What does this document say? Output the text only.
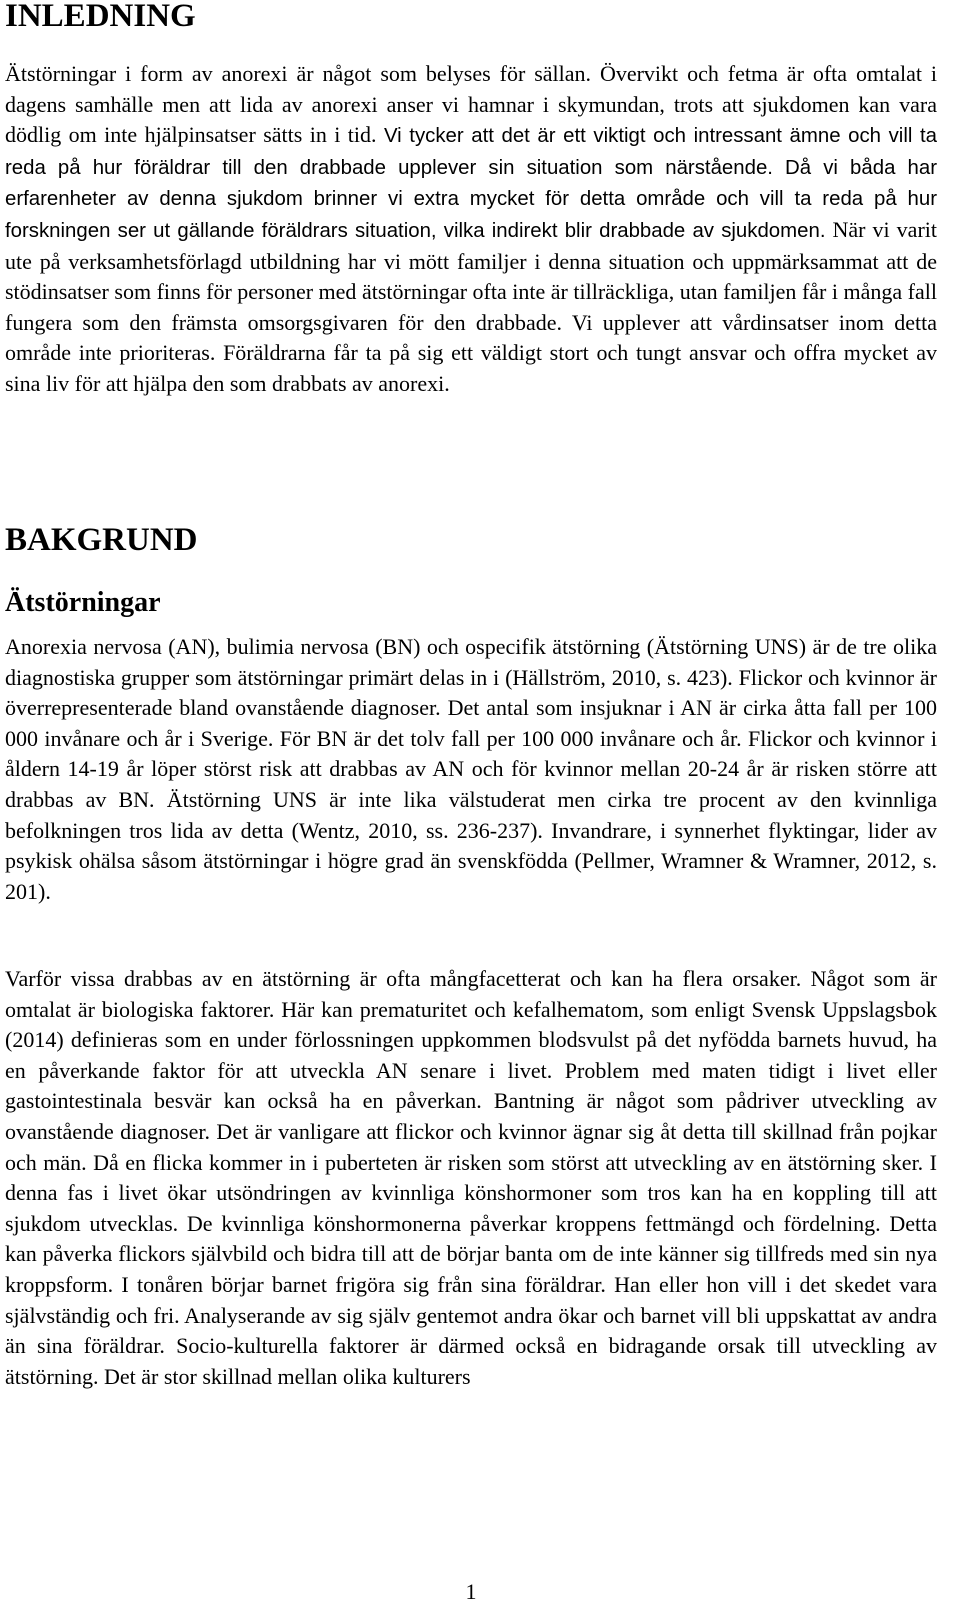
INLEDNING

Ätstörningar i form av anorexi är något som belyses för sällan. Övervikt och fetma är ofta omtalat i dagens samhälle men att lida av anorexi anser vi hamnar i skymundan, trots att sjukdomen kan vara dödlig om inte hjälpinsatser sätts in i tid. Vi tycker att det är ett viktigt och intressant ämne och vill ta reda på hur föräldrar till den drabbade upplever sin situation som närstående. Då vi båda har erfarenheter av denna sjukdom brinner vi extra mycket för detta område och vill ta reda på hur forskningen ser ut gällande föräldrars situation, vilka indirekt blir drabbade av sjukdomen. När vi varit ute på verksamhetsförlagd utbildning har vi mött familjer i denna situation och uppmärksammat att de stödinsatser som finns för personer med ätstörningar ofta inte är tillräckliga, utan familjen får i många fall fungera som den främsta omsorgsgivaren för den drabbade. Vi upplever att vårdinsatser inom detta område inte prioriteras. Föräldrarna får ta på sig ett väldigt stort och tungt ansvar och offra mycket av sina liv för att hjälpa den som drabbats av anorexi.

BAKGRUND
Ätstörningar

Anorexia nervosa (AN), bulimia nervosa (BN) och ospecifik ätstörning (Ätstörning UNS) är de tre olika diagnostiska grupper som ätstörningar primärt delas in i (Hällström, 2010, s. 423). Flickor och kvinnor är överrepresenterade bland ovanstående diagnoser. Det antal som insjuknar i AN är cirka åtta fall per 100 000 invånare och år i Sverige. För BN är det tolv fall per 100 000 invånare och år. Flickor och kvinnor i åldern 14-19 år löper störst risk att drabbas av AN och för kvinnor mellan 20-24 år är risken större att drabbas av BN. Ätstörning UNS är inte lika välstuderat men cirka tre procent av den kvinnliga befolkningen tros lida av detta (Wentz, 2010, ss. 236-237). Invandrare, i synnerhet flyktingar, lider av psykisk ohälsa såsom ätstörningar i högre grad än svenskfödda (Pellmer, Wramner & Wramner, 2012, s. 201).

Varför vissa drabbas av en ätstörning är ofta mångfacetterat och kan ha flera orsaker. Något som är omtalat är biologiska faktorer. Här kan prematuritet och kefalhematom, som enligt Svensk Uppslagsbok (2014) definieras som en under förlossningen uppkommen blodsvulst på det nyfödda barnets huvud, ha en påverkande faktor för att utveckla AN senare i livet. Problem med maten tidigt i livet eller gastointestinala besvär kan också ha en påverkan. Bantning är något som pådriver utveckling av ovanstående diagnoser. Det är vanligare att flickor och kvinnor ägnar sig åt detta till skillnad från pojkar och män. Då en flicka kommer in i puberteten är risken som störst att utveckling av en ätstörning sker. I denna fas i livet ökar utsöndringen av kvinnliga könshormoner som tros kan ha en koppling till att sjukdom utvecklas. De kvinnliga könshormonerna påverkar kroppens fettmängd och fördelning. Detta kan påverka flickors självbild och bidra till att de börjar banta om de inte känner sig tillfreds med sin nya kroppsform. I tonåren börjar barnet frigöra sig från sina föräldrar. Han eller hon vill i det skedet vara självständig och fri. Analyserande av sig själv gentemot andra ökar och barnet vill bli uppskattat av andra än sina föräldrar. Socio-kulturella faktorer är därmed också en bidragande orsak till utveckling av ätstörning. Det är stor skillnad mellan olika kulturers

1
